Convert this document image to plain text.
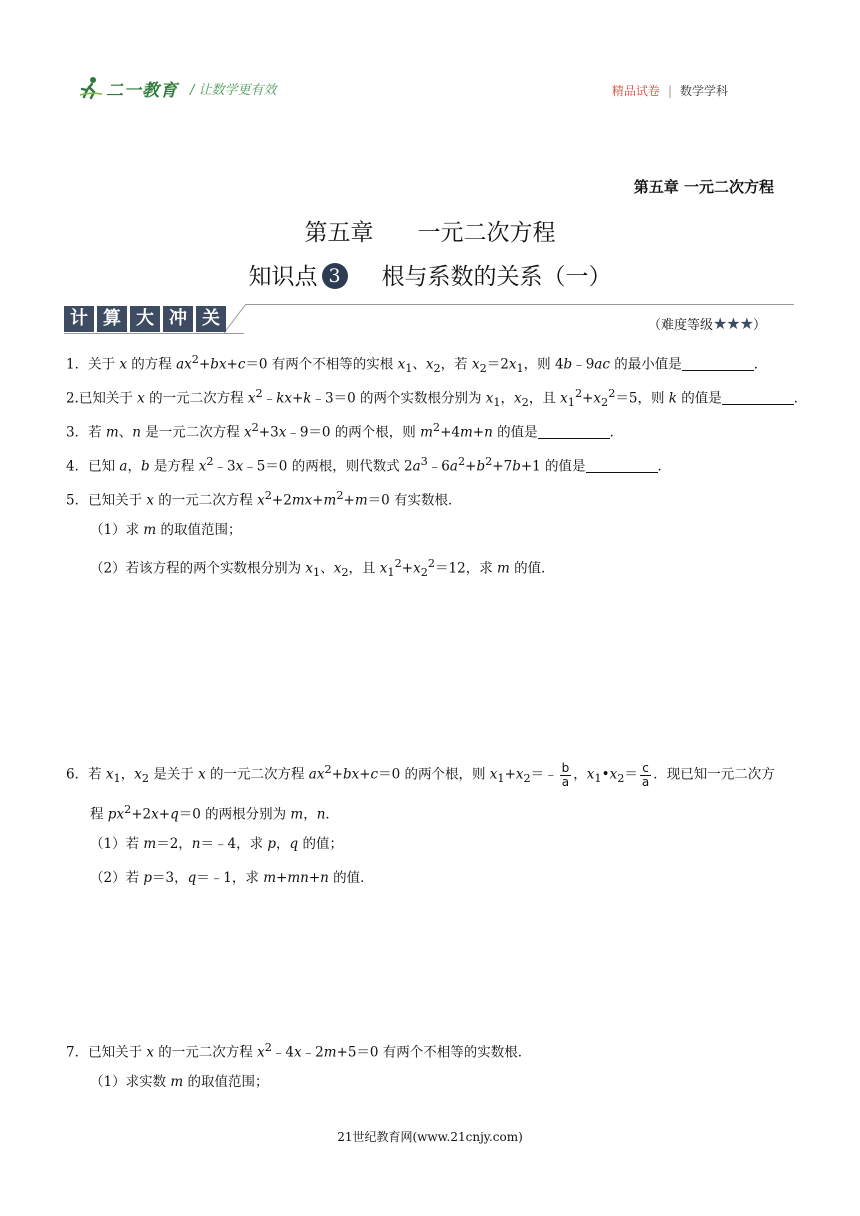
二一教育 / 让数学更有效	精品试卷 | 数学学科
第五章 一元二次方程
第五章 一元二次方程
知识点 3 根与系数的关系（一）
计 算 大 冲 关	（难度等级★★★）
1．关于 x 的方程 $ax^2+bx+c=0$ 有两个不相等的实根 $x_1$、$x_2$，若 $x_2=2x_1$，则 4b﹣9ac 的最小值是	．
2.已知关于 x 的一元二次方程 $x^2﹣kx+k﹣3=0$ 的两个实数根分别为 $x_1$，$x_2$，且 $x_1^2+x_2^2=5$，则 k 的值是	．
3．若 m、n 是一元二次方程 $x^2+3x﹣9=0$ 的两个根，则 $m^2+4m+n$ 的值是	．
4．已知 a，b 是方程 $x^2﹣3x﹣5=0$ 的两根，则代数式 $2a^3﹣6a^2+b^2+7b+1$ 的值是	．
5．已知关于 x 的一元二次方程 $x^2+2mx+m^2+m=0$ 有实数根．
（1）求 m 的取值范围；
（2）若该方程的两个实数根分别为 $x_1$、$x_2$，且 $x_1^2+x_2^2=12$，求 m 的值．
6．若 $x_1$，$x_2$ 是关于 x 的一元二次方程 $ax^2+bx+c=0$ 的两个根，则 $x_1+x_2=﹣ \frac{b}{a}$ ，$x_1•x_2= \frac{c}{a}$ ．现已知一元二次方
程 $px^2+2x+q=0$ 的两根分别为 m，n．
（1）若 m＝2，n＝﹣4，求 p，q 的值；
（2）若 p＝3，q＝﹣1，求 m+mn+n 的值．
7．已知关于 x 的一元二次方程 $x^2﹣4x﹣2m+5=0$ 有两个不相等的实数根．
（1）求实数 m 的取值范围；
21世纪教育网(www.21cnjy.com)
